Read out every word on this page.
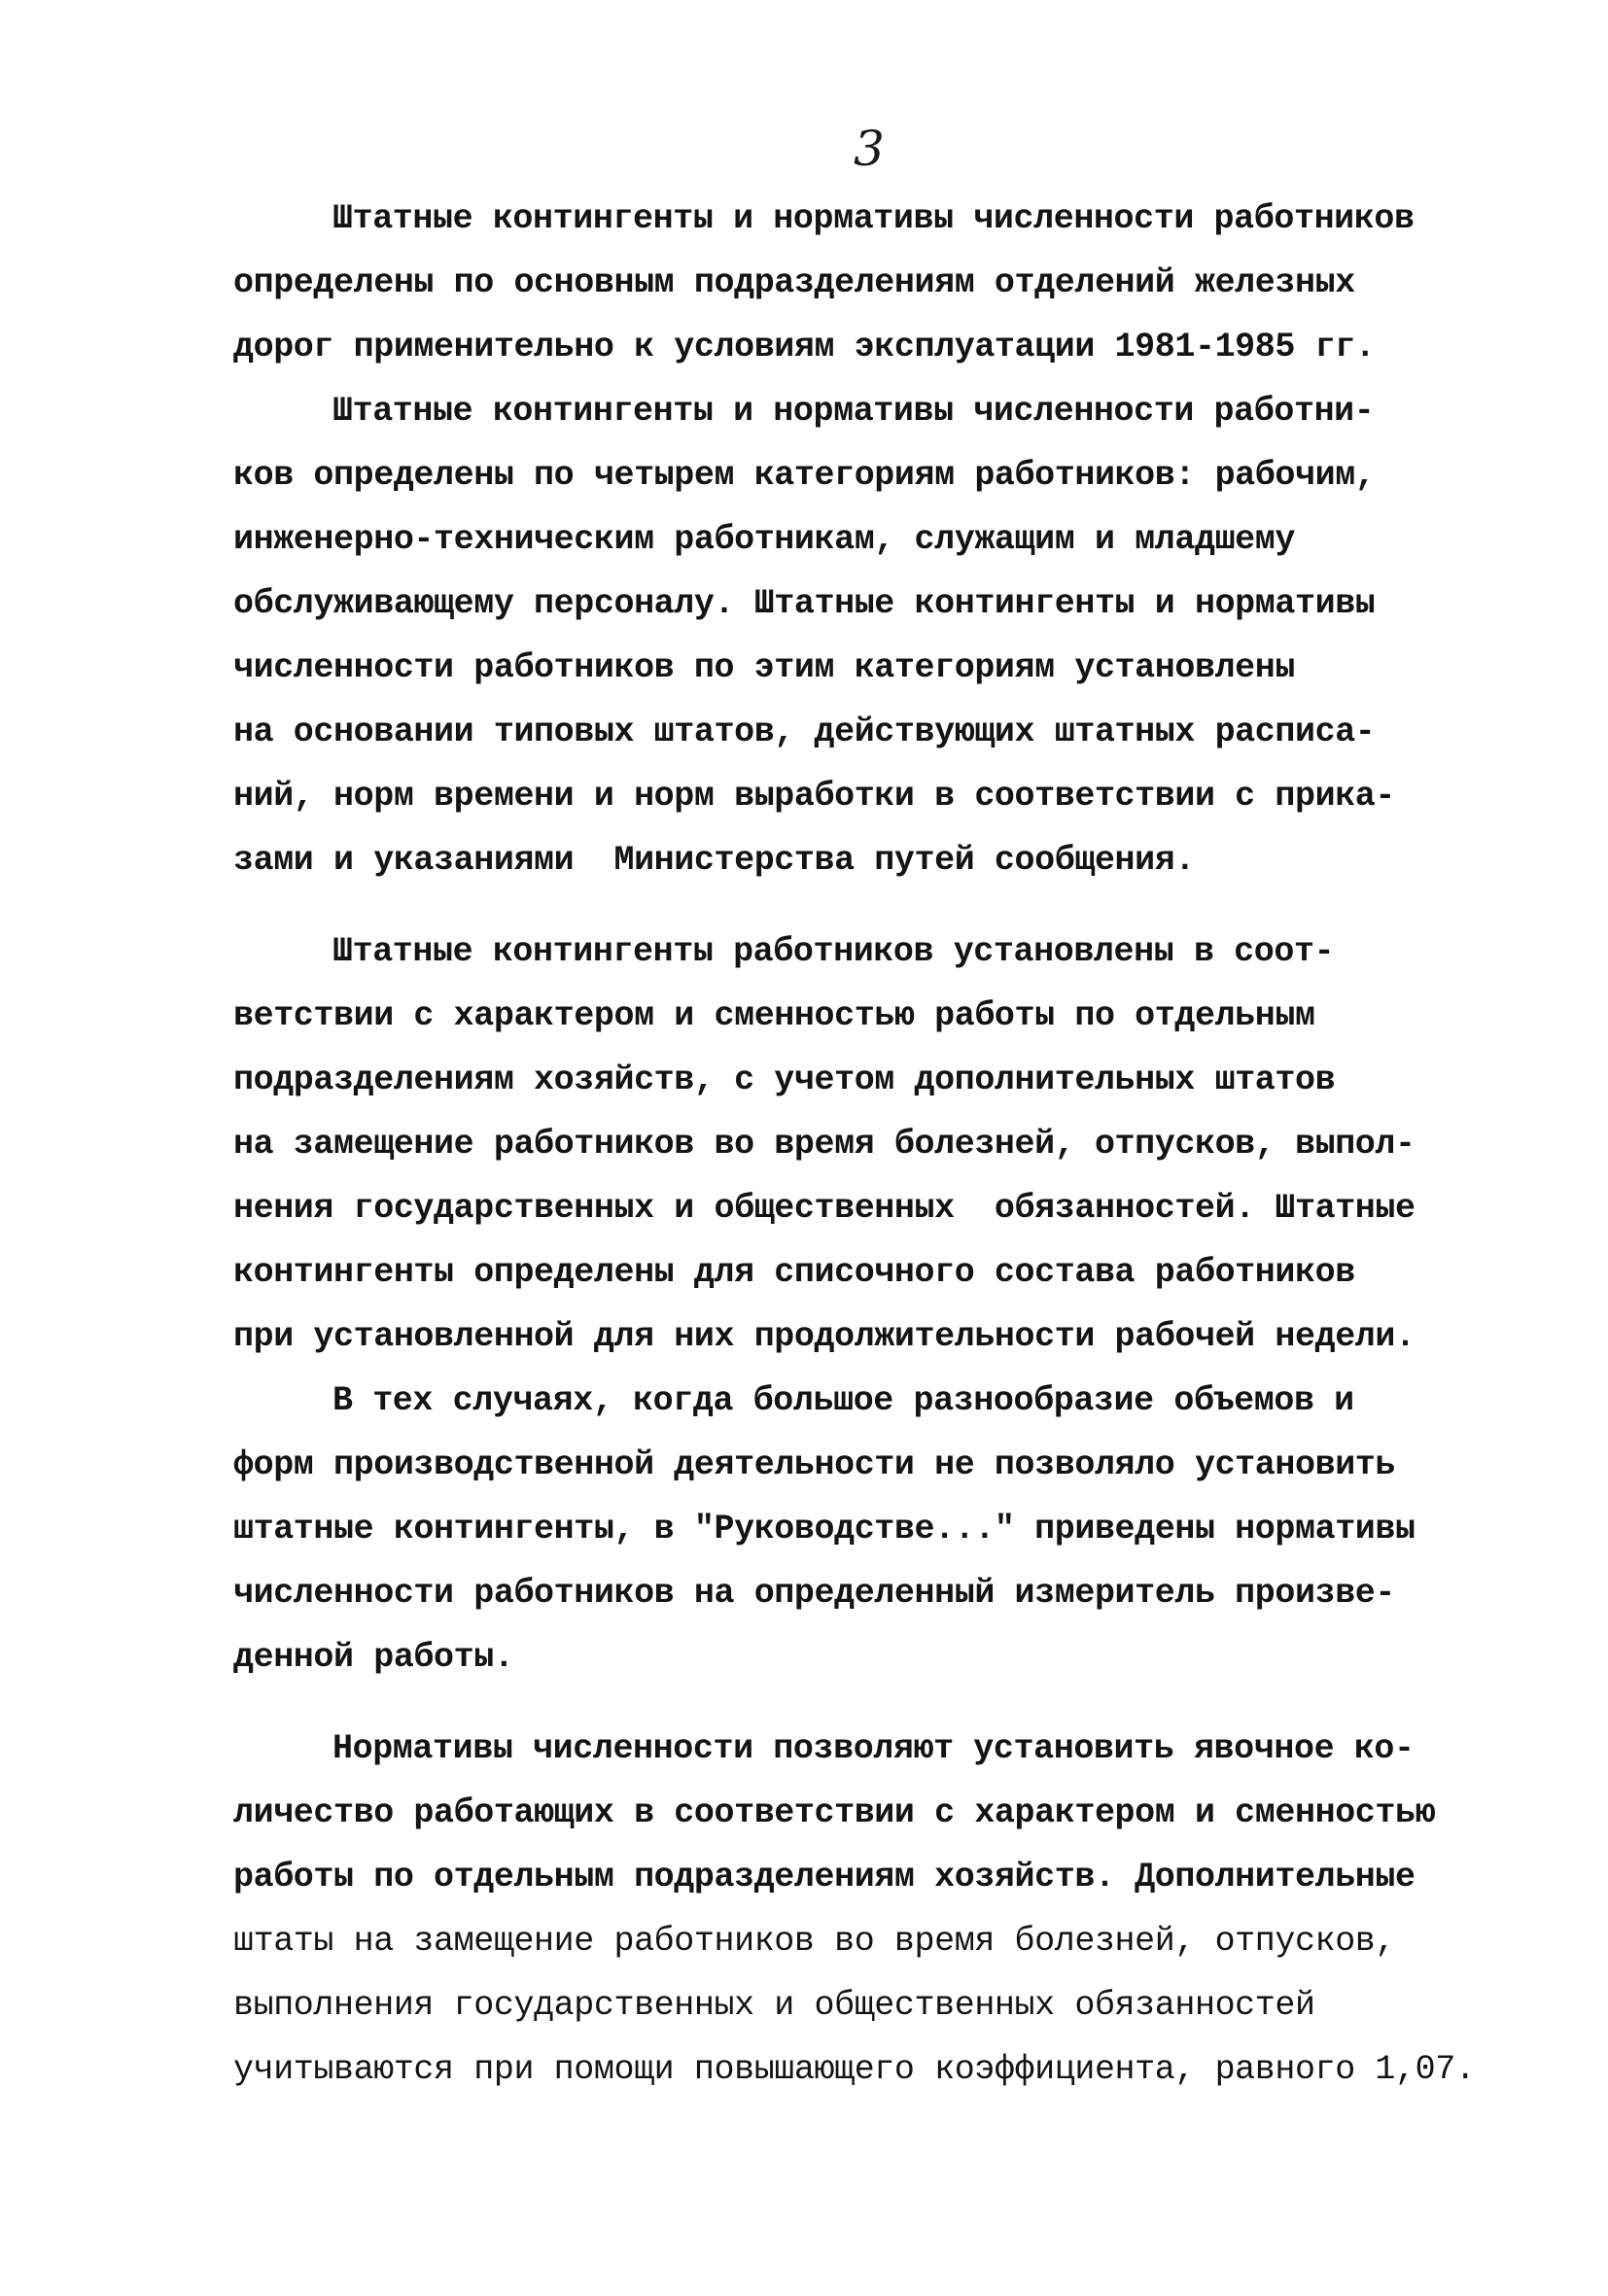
3
Штатные контингенты и нормативы численности работников
определены по основным подразделениям отделений железных
дорог применительно к условиям эксплуатации 1981-1985 гг.
Штатные контингенты и нормативы численности работни-
ков определены по четырем категориям работников: рабочим,
инженерно-техническим работникам, служащим и младшему
обслуживающему персоналу. Штатные контингенты и нормативы
численности работников по этим категориям установлены
на основании типовых штатов, действующих штатных расписа-
ний, норм времени и норм выработки в соответствии с прика-
зами и указаниями  Министерства путей сообщения.
Штатные контингенты работников установлены в соот-
ветствии с характером и сменностью работы по отдельным
подразделениям хозяйств, с учетом дополнительных штатов
на замещение работников во время болезней, отпусков, выпол-
нения государственных и общественных  обязанностей. Штатные
контингенты определены для списочного состава работников
при установленной для них продолжительности рабочей недели.
В тех случаях, когда большое разнообразие объемов и
форм производственной деятельности не позволяло установить
штатные контингенты, в "Руководстве..." приведены нормативы
численности работников на определенный измеритель произве-
денной работы.
Нормативы численности позволяют установить явочное ко-
личество работающих в соответствии с характером и сменностью
работы по отдельным подразделениям хозяйств. Дополнительные
штаты на замещение работников во время болезней, отпусков,
выполнения государственных и общественных обязанностей
учитываются при помощи повышающего коэффициента, равного 1,07.
